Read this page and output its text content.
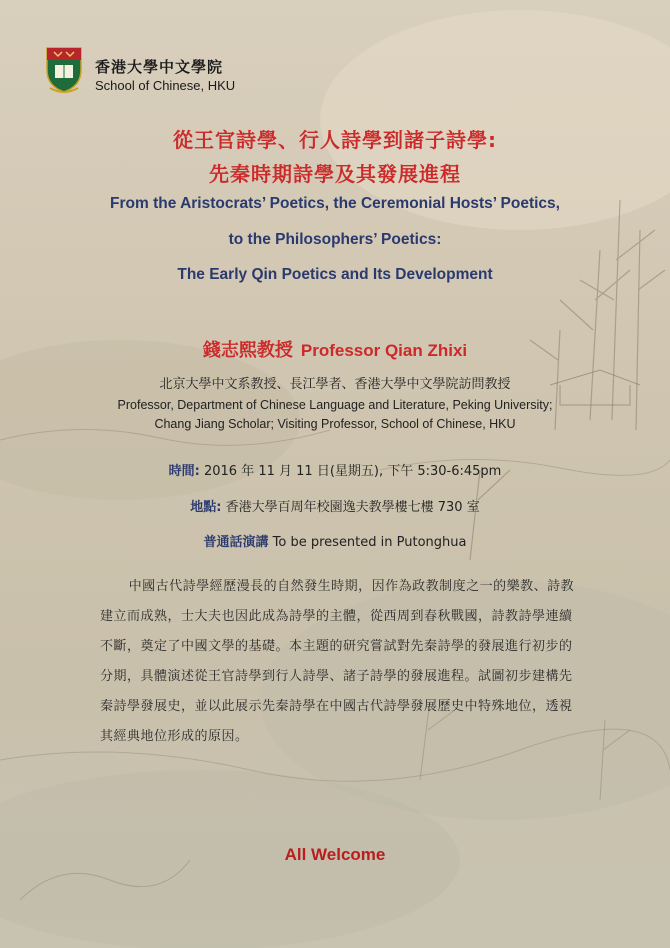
香港大學中文學院
School of Chinese, HKU
從王官詩學、行人詩學到諸子詩學:
先秦時期詩學及其發展進程
From the Aristocrats’ Poetics, the Ceremonial Hosts’ Poetics,
to the Philosophers’ Poetics:
The Early Qin Poetics and Its Development
錢志熙教授 Professor Qian Zhixi
北京大學中文系教授、長江學者、香港大學中文學院訪問教授
Professor, Department of Chinese Language and Literature, Peking University;
Chang Jiang Scholar; Visiting Professor, School of Chinese, HKU
時間: 2016 年 11 月 11 日(星期五), 下午 5:30-6:45pm
地點: 香港大學百周年校園逸夫教學樓七樓 730 室
普通話演講 To be presented in Putonghua

中國古代詩學經歷漫長的自然發生時期，因作為政教制度之一的樂教、詩教建立而成熟，士大夫也因此成為詩學的主體，從西周到春秋戰國，詩教詩學連續不斷，奠定了中國文學的基礎。本主題的研究嘗試對先秦詩學的發展進行初步的分期，具體演述從王官詩學到行人詩學、諸子詩學的發展進程。試圖初步建構先秦詩學發展史，並以此展示先秦詩學在中國古代詩學發展歷史中特殊地位，透視其經典地位形成的原因。

All Welcome
